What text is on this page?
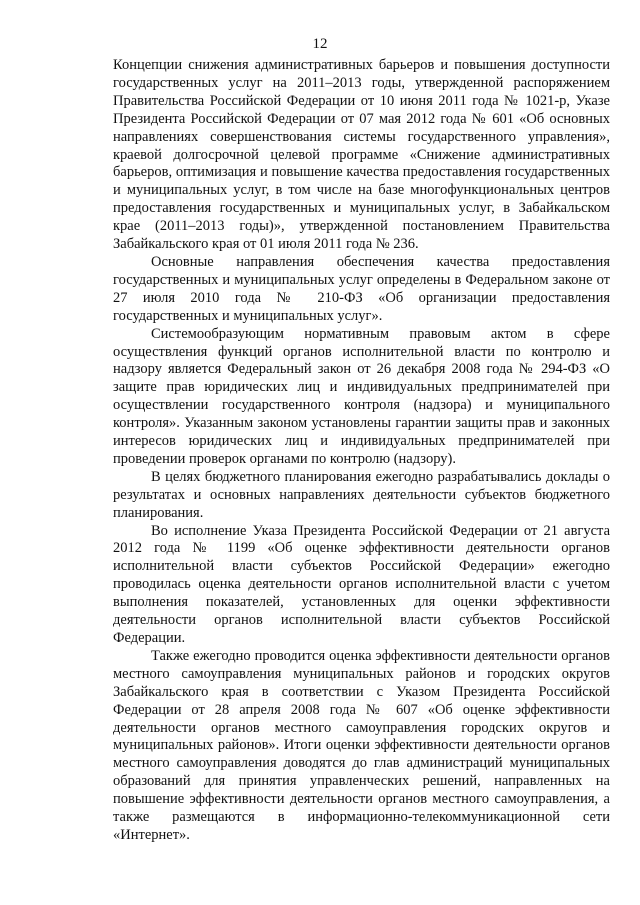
12

Концепции снижения административных барьеров и повышения доступности государственных услуг на 2011–2013 годы, утвержденной распоряжением Правительства Российской Федерации от 10 июня 2011 года № 1021-р, Указе Президента Российской Федерации от 07 мая 2012 года № 601 «Об основных направлениях совершенствования системы государственного управления», краевой долгосрочной целевой программе «Снижение административных барьеров, оптимизация и повышение качества предоставления государственных и муниципальных услуг, в том числе на базе многофункциональных центров предоставления государственных и муниципальных услуг, в Забайкальском крае (2011–2013 годы)», утвержденной постановлением Правительства Забайкальского края от 01 июля 2011 года № 236.

Основные направления обеспечения качества предоставления государственных и муниципальных услуг определены в Федеральном законе от 27 июля 2010 года № 210-ФЗ «Об организации предоставления государственных и муниципальных услуг».

Системообразующим нормативным правовым актом в сфере осуществления функций органов исполнительной власти по контролю и надзору является Федеральный закон от 26 декабря 2008 года № 294-ФЗ «О защите прав юридических лиц и индивидуальных предпринимателей при осуществлении государственного контроля (надзора) и муниципального контроля». Указанным законом установлены гарантии защиты прав и законных интересов юридических лиц и индивидуальных предпринимателей при проведении проверок органами по контролю (надзору).

В целях бюджетного планирования ежегодно разрабатывались доклады о результатах и основных направлениях деятельности субъектов бюджетного планирования.

Во исполнение Указа Президента Российской Федерации от 21 августа 2012 года № 1199 «Об оценке эффективности деятельности органов исполнительной власти субъектов Российской Федерации» ежегодно проводилась оценка деятельности органов исполнительной власти с учетом выполнения показателей, установленных для оценки эффективности деятельности органов исполнительной власти субъектов Российской Федерации.

Также ежегодно проводится оценка эффективности деятельности органов местного самоуправления муниципальных районов и городских округов Забайкальского края в соответствии с Указом Президента Российской Федерации от 28 апреля 2008 года № 607 «Об оценке эффективности деятельности органов местного самоуправления городских округов и муниципальных районов». Итоги оценки эффективности деятельности органов местного самоуправления доводятся до глав администраций муниципальных образований для принятия управленческих решений, направленных на повышение эффективности деятельности органов местного самоуправления, а также размещаются в информационно-телекоммуникационной сети «Интернет».
